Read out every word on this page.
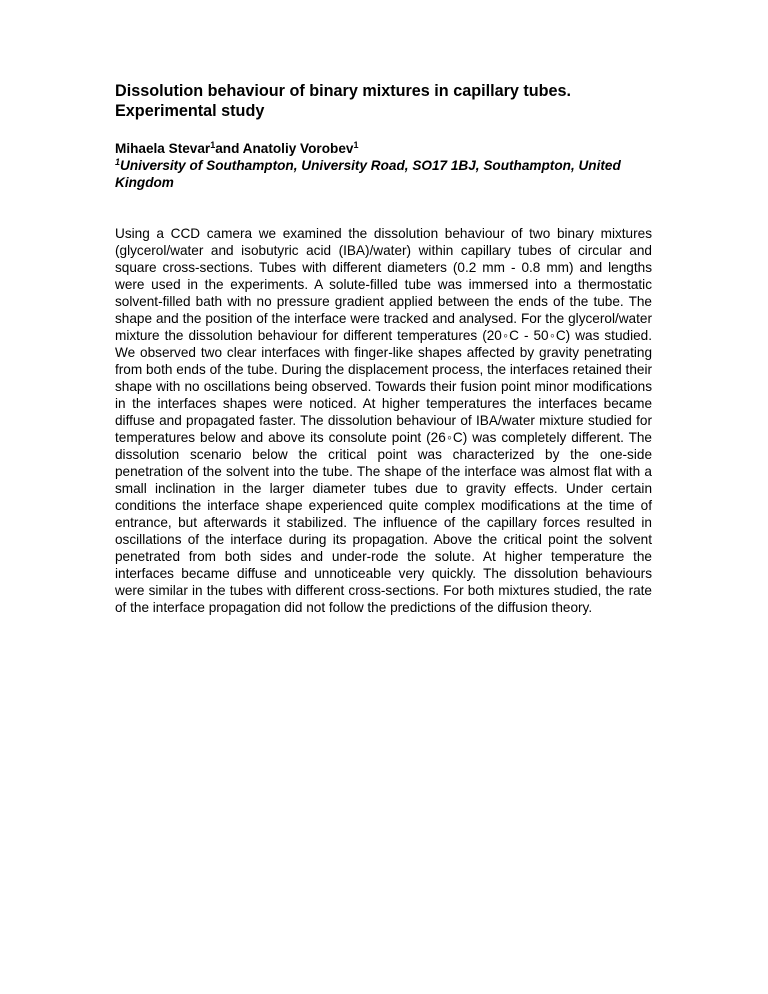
Dissolution behaviour of binary mixtures in capillary tubes. Experimental study

Mihaela Stevar$^1$and Anatoliy Vorobev$^1$

$^1$University of Southampton, University Road, SO17 1BJ, Southampton, United Kingdom

Using a CCD camera we examined the dissolution behaviour of two binary mixtures (glycerol/water and isobutyric acid (IBA)/water) within capillary tubes of circular and square cross-sections. Tubes with different diameters (0.2 mm - 0.8 mm) and lengths were used in the experiments. A solute-filled tube was immersed into a thermostatic solvent-filled bath with no pressure gradient applied between the ends of the tube. The shape and the position of the interface were tracked and analysed. For the glycerol/water mixture the dissolution behaviour for different temperatures (20◦C - 50◦C) was studied. We observed two clear interfaces with finger-like shapes affected by gravity penetrating from both ends of the tube. During the displacement process, the interfaces retained their shape with no oscillations being observed. Towards their fusion point minor modifications in the interfaces shapes were noticed. At higher temperatures the interfaces became diffuse and propagated faster. The dissolution behaviour of IBA/water mixture studied for temperatures below and above its consolute point (26◦C) was completely different. The dissolution scenario below the critical point was characterized by the one-side penetration of the solvent into the tube. The shape of the interface was almost flat with a small inclination in the larger diameter tubes due to gravity effects. Under certain conditions the interface shape experienced quite complex modifications at the time of entrance, but afterwards it stabilized. The influence of the capillary forces resulted in oscillations of the interface during its propagation. Above the critical point the solvent penetrated from both sides and under-rode the solute. At higher temperature the interfaces became diffuse and unnoticeable very quickly. The dissolution behaviours were similar in the tubes with different cross-sections. For both mixtures studied, the rate of the interface propagation did not follow the predictions of the diffusion theory.
